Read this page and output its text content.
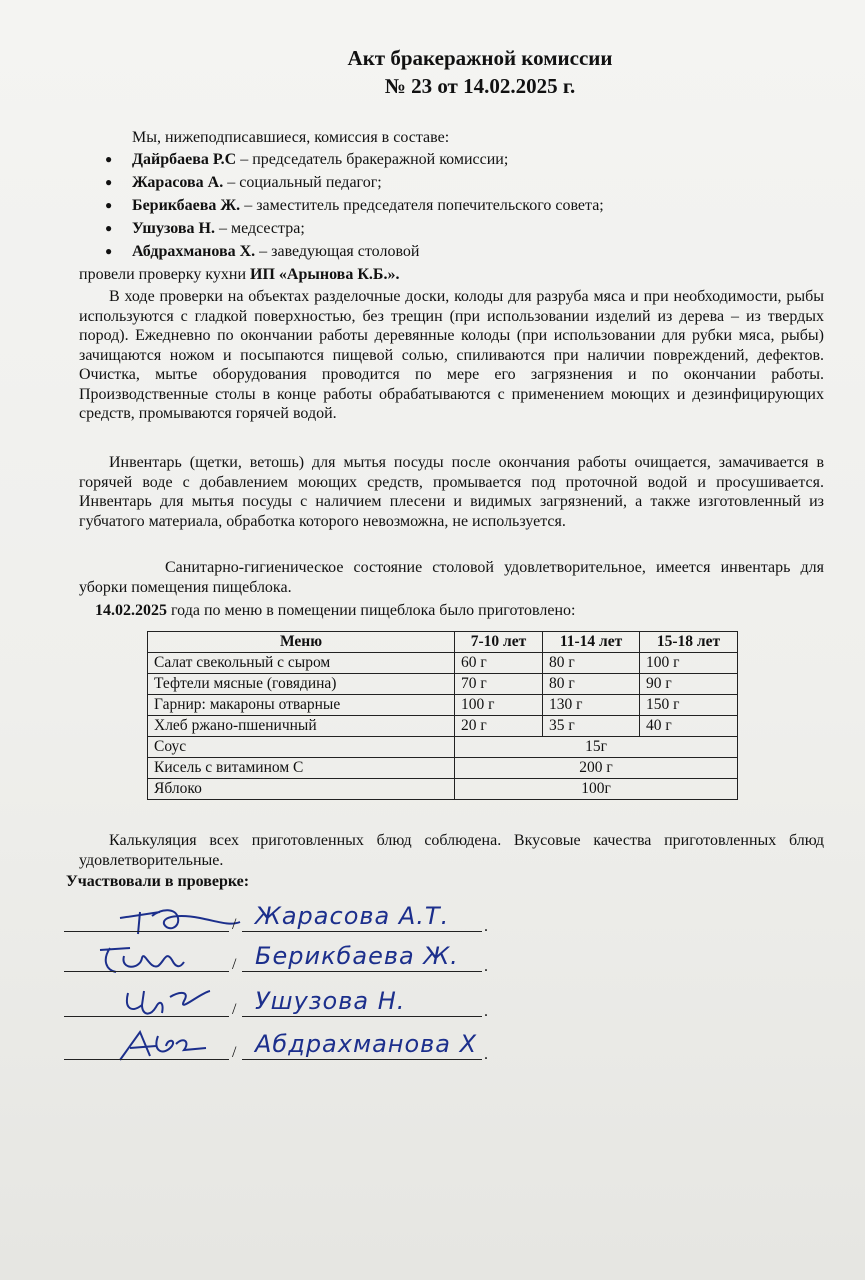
Акт бракеражной комиссии
№ 23 от 14.02.2025 г.
Мы, нижеподписавшиеся, комиссия в составе:
● Дайрбаева Р.С – председатель бракеражной комиссии;
● Жарасова А. – социальный педагог;
● Берикбаева Ж. – заместитель председателя попечительского совета;
● Ушузова Н. – медсестра;
● Абдрахманова Х. – заведующая столовой
провели проверку кухни ИП «Арынова К.Б.».

В ходе проверки на объектах разделочные доски, колоды для разруба мяса и при необходимости, рыбы используются с гладкой поверхностью, без трещин (при использовании изделий из дерева – из твердых пород). Ежедневно по окончании работы деревянные колоды (при использовании для рубки мяса, рыбы) зачищаются ножом и посыпаются пищевой солью, спиливаются при наличии повреждений, дефектов. Очистка, мытье оборудования проводится по мере его загрязнения и по окончании работы. Производственные столы в конце работы обрабатываются с применением моющих и дезинфицирующих средств, промываются горячей водой.

Инвентарь (щетки, ветошь) для мытья посуды после окончания работы очищается, замачивается в горячей воде с добавлением моющих средств, промывается под проточной водой и просушивается. Инвентарь для мытья посуды с наличием плесени и видимых загрязнений, а также изготовленный из губчатого материала, обработка которого невозможна, не используется.

Санитарно-гигиеническое состояние столовой удовлетворительное, имеется инвентарь для уборки помещения пищеблока.

14.02.2025 года по меню в помещении пищеблока было приготовлено:
Меню	7-10 лет	11-14 лет	15-18 лет
Салат свекольный с сыром	60 г	80 г	100 г
Тефтели мясные (говядина)	70 г	80 г	90 г
Гарнир: макароны отварные	100 г	130 г	150 г
Хлеб ржано-пшеничный	20 г	35 г	40 г
Соус	15г		
Кисель с витамином С	200 г		
Яблоко	100г		

Калькуляция всех приготовленных блюд соблюдена. Вкусовые качества приготовленных блюд удовлетворительные.

Участвовали в проверке:
/ Жарасова А.Т. .
/ Берикбаева Ж. .
/ Ушузова Н.	.
/ Абдрахманова Х .
